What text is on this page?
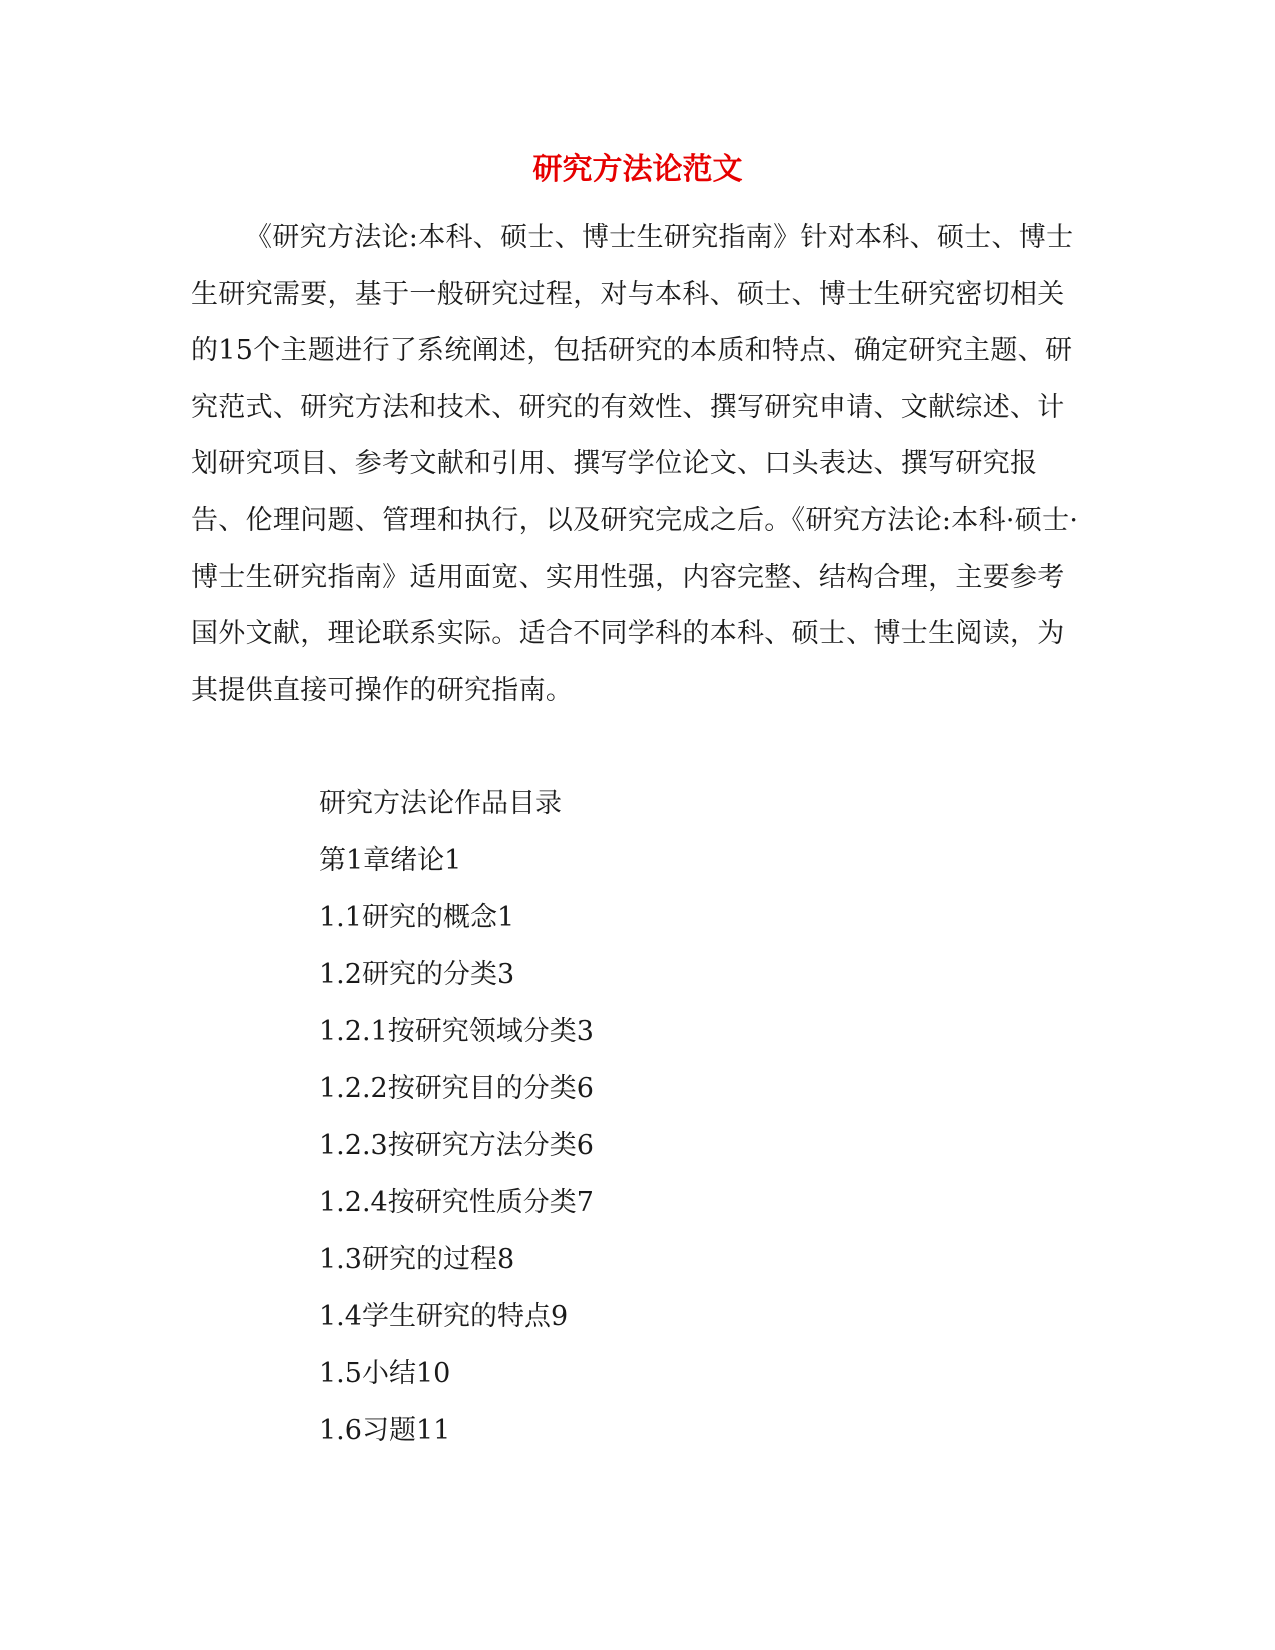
研究方法论范文
《研究方法论:本科、硕士、博士生研究指南》针对本科、硕士、博士生研究需要，基于一般研究过程，对与本科、硕士、博士生研究密切相关的15个主题进行了系统阐述，包括研究的本质和特点、确定研究主题、研究范式、研究方法和技术、研究的有效性、撰写研究申请、文献综述、计划研究项目、参考文献和引用、撰写学位论文、口头表达、撰写研究报告、伦理问题、管理和执行，以及研究完成之后。《研究方法论:本科·硕士·博士生研究指南》适用面宽、实用性强，内容完整、结构合理，主要参考国外文献，理论联系实际。适合不同学科的本科、硕士、博士生阅读，为其提供直接可操作的研究指南。
研究方法论作品目录
第1章绪论1
1.1研究的概念1
1.2研究的分类3
1.2.1按研究领域分类3
1.2.2按研究目的分类6
1.2.3按研究方法分类6
1.2.4按研究性质分类7
1.3研究的过程8
1.4学生研究的特点9
1.5小结10
1.6习题11
